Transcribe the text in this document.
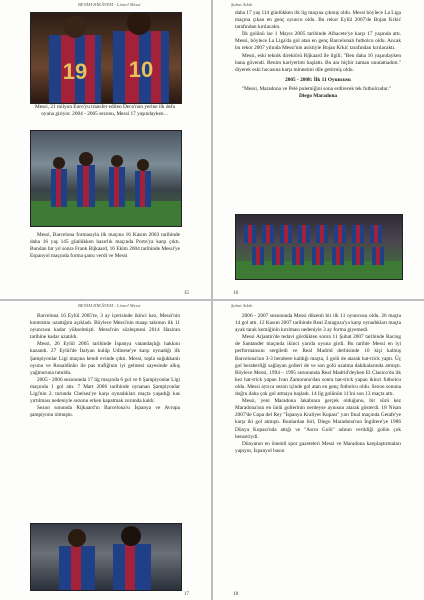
BENİM HİKÂYEM - Lionel Messi
19 10
Messi, 21 milyon Euro'yu transfer edilen Deco'nun yerine ilk defa oyuna giriyor. 2004 - 2005 sezonu, Messi 17 yaşındayken…

Messi, Barcelona formasıyla ilk maçına 16 Kasım 2003 tarihinde daha 16 yaş 145 günlükken hazırlık maçında Porto'ya karşı çıktı. Bundan bir yıl sonra Frank Rijkaard, 16 Ekim 2004 tarihinde Messi'ye Espanyol maçında forma şansı verdi ve Messi

15
Şubat Adalı

daha 17 yaş 114 günlükken ilk lig maçına çıkmış oldu. Messi böylece La Liga maçına çıkan en genç oyuncu oldu. Bu rekor Eylül 2007'de Bojan Krkić tarafından kırılacaktı.

İlk golünü ise 1 Mayıs 2005 tarihinde Albacete'ye karşı 17 yaşında attı. Messi, böylece La Liga'da gol atan en genç Barcelonalı futbolcu oldu. Ancak bu rekor 2007 yılında Messi'nin asistiyle Bojan Krkić tarafından kırılacaktı.

Messi, eski teknik direktörü Rijkaard ile ilgili; "Ben daha 16 yaşındayken bana güvendi. Benim kariyerimi başlattı. Bu anı hiçbir zaman unutamadım." diyerek eski hocasına karşı minnetini dile getirmiş oldu.

2005 - 2008: İlk 11 Oyuncusu

"Messi, Maradona ve Pelé polemiğini sona erdirecek tek futbolcudur."

Diego Maradona

16
BENİM HİKÂYEM - Lionel Messi

Barcelona 16 Eylül 2005'te, 3 ay içerisinde ikinci kez, Messi'nin kontratını uzattığını açıkladı. Böylece Messi'nin maaşı takımın ilk 11 oyuncusu kadar yükselmişti. Messi'nin sözleşmesi 2014 Haziran tarihine kadar uzatıldı.

Messi, 26 Eylül 2005 tarihinde İspanya vatandaşlığı hakkını kazandı. 27 Eylül'de İtalyan kulüp Udinese'ye karşı oynadığı ilk Şampiyonlar Ligi maçına kendi evinde çıktı. Messi, topla soğukkanlı oyunu ve Ronaldinho ile pas trafiğinin iyi gelmesi sayesinde alkış yağmuruna tutuldu.

2005 - 2006 sezonunda 17 lig maçında 6 gol ve 6 Şampiyonlar Ligi maçında 1 gol attı. 7 Mart 2006 tarihinde oynanan Şampiyonlar Ligi'nin 2. turunda Chelsea'ye karşı oynadıkları maçta yaşadığı kas yırtılması nedeniyle sezonu erken kapatmak zorunda kaldı.

Sezon sonunda Rijkaard'ın Barcelona'sı İspanya ve Avrupa şampiyonu olmuştu.

17
Şubat Adalı

2006 - 2007 sezonunda Messi düzenli bir ilk 11 oyuncusu oldu. 26 maçta 14 gol attı. 12 Kasım 2007 tarihinde Real Zaragoza'ya karşı oynadıkları maçta ayak tarak kemiğinin kırılması nedeniyle 3 ay forma giyemedi.

Messi Arjantin'de tedavi gördükten sonra 11 Şubat 2007 tarihinde Racing de Santander maçında ikinci yarıda oyuna girdi. Bu tarihte Messi en iyi performansını sergiledi ve Real Madrid derbisinde 10 kişi kalmış Barcelona'nın 3-3 berabere kaldığı maçta, 3 golü de atarak hat-trick yaptı. Üç gol beraberliği sağlayan golleri de ve son golü uzatma dakikalarında atmıştı. Böylece Messi, 1994 – 1995 sezonunda Real Madrid'deyken El Clasico'da ilk kez hat-trick yapan Ivan Zamorano'dan sonra hat-trick yapan ikinci futbolcu oldu. Messi ayrıca sezon içinde gol atan en genç futbolcu oldu. Sezon sonuna doğru daha çok gol atmaya başladı. 14 lig golünün 11'ini son 13 maçta attı.

Messi, yeni Maradona lakabının gerçek olduğunu, bir sürü kez Maradona'nın en ünlü gollerinin nerdeyse aynısını atarak gösterdi. 18 Nisan 2007'de Copa del Rey "İspanya Kraliyet Kupası" yarı final maçında Getafe'ye karşı iki gol atmıştı. Bunlardan biri, Diego Maradona'nın İngiltere'ye 1986 Dünya Kupası'nda attığı ve "Asrın Golü" adının verildiği golün çok benzeriydi.

Dünyanın en önemli spor gazeteleri Messi ve Maradona karşılaştırmaları yapıyor, İspanyol basın

18
